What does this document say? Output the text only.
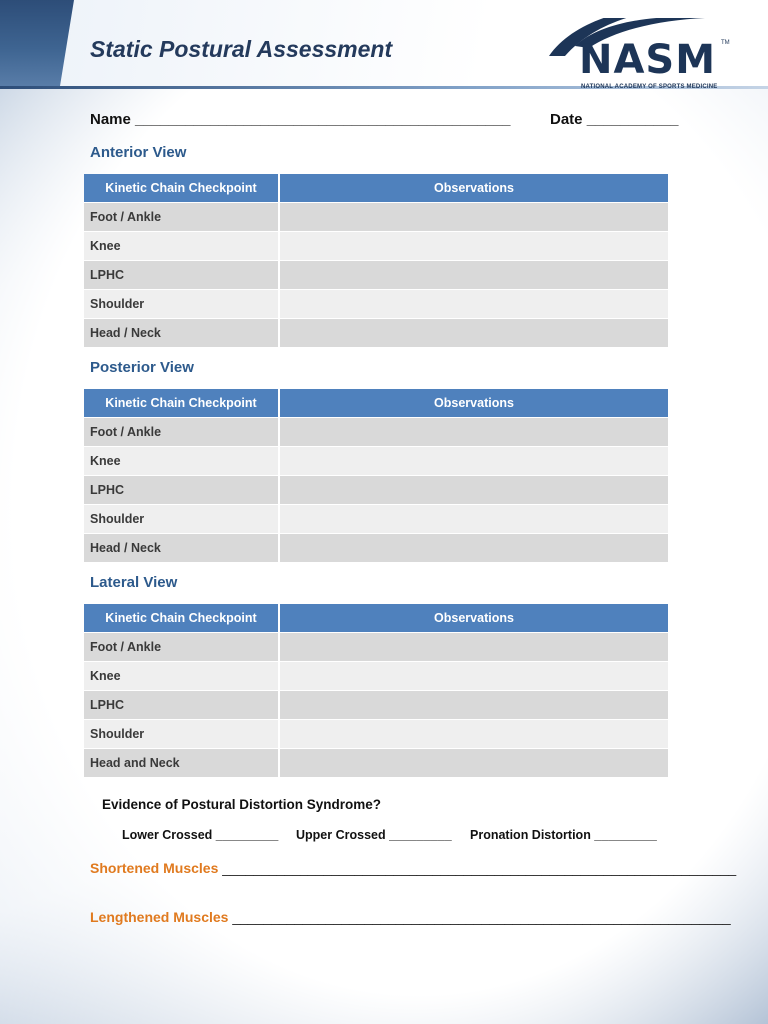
Static Postural Assessment	NASM TM
NATIONAL ACADEMY OF SPORTS MEDICINE
Name _____________________________________________	Date ___________
Anterior View
Kinetic Chain Checkpoint	Observations
Foot / Ankle	
Knee	
LPHC	
Shoulder	
Head / Neck	
Posterior View
Kinetic Chain Checkpoint	Observations
Foot / Ankle	
Knee	
LPHC	
Shoulder	
Head / Neck	
Lateral View
Kinetic Chain Checkpoint	Observations
Foot / Ankle	
Knee	
LPHC	
Shoulder	
Head and Neck	
Evidence of Postural Distortion Syndrome?
Lower Crossed _________ Upper Crossed _________ Pronation Distortion _________
Shortened Muscles __________________________________________________________________
Lengthened Muscles ________________________________________________________________
